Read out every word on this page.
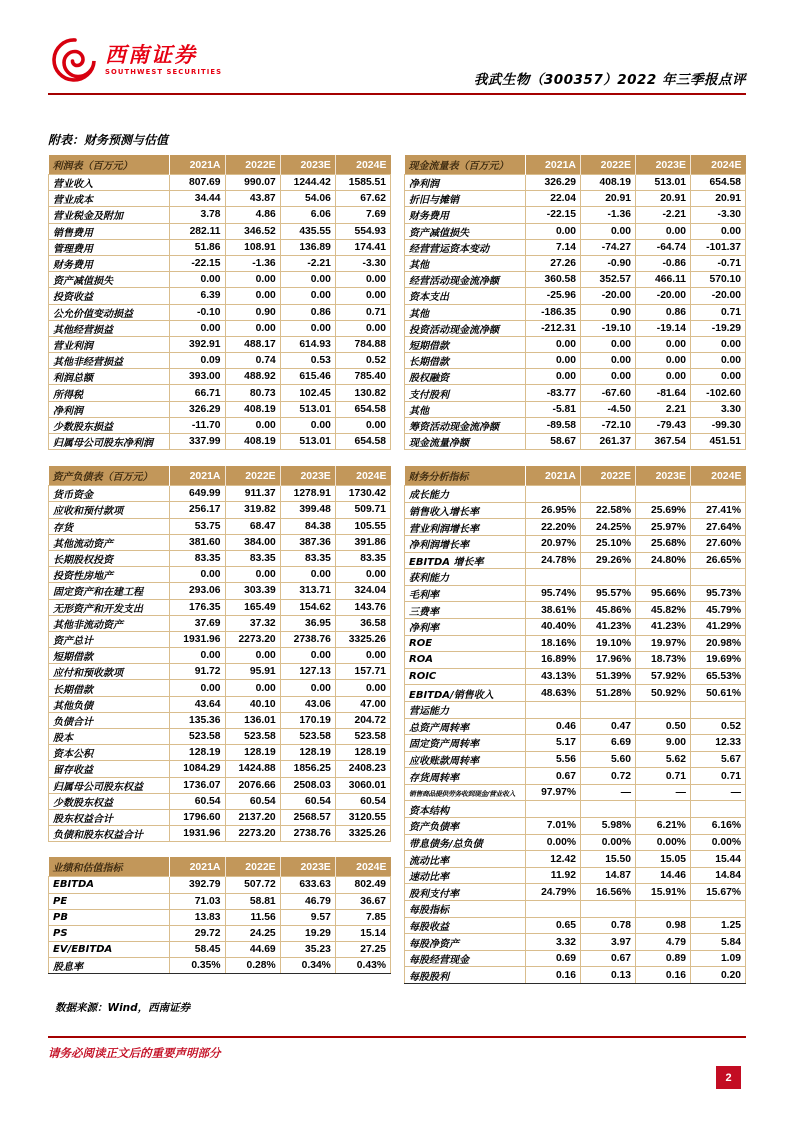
西南证券
SOUTHWEST SECURITIES
我武生物（300357）2022 年三季报点评
附表：财务预测与估值
利润表（百万元）	2021A	2022E	2023E	2024E
营业收入	807.69	990.07	1244.42	1585.51
营业成本	34.44	43.87	54.06	67.62
营业税金及附加	3.78	4.86	6.06	7.69
销售费用	282.11	346.52	435.55	554.93
管理费用	51.86	108.91	136.89	174.41
财务费用	-22.15	-1.36	-2.21	-3.30
资产减值损失	0.00	0.00	0.00	0.00
投资收益	6.39	0.00	0.00	0.00
公允价值变动损益	-0.10	0.90	0.86	0.71
其他经营损益	0.00	0.00	0.00	0.00
营业利润	392.91	488.17	614.93	784.88
其他非经营损益	0.09	0.74	0.53	0.52
利润总额	393.00	488.92	615.46	785.40
所得税	66.71	80.73	102.45	130.82
净利润	326.29	408.19	513.01	654.58
少数股东损益	-11.70	0.00	0.00	0.00
归属母公司股东净利润	337.99	408.19	513.01	654.58
资产负债表（百万元）	2021A	2022E	2023E	2024E
货币资金	649.99	911.37	1278.91	1730.42
应收和预付款项	256.17	319.82	399.48	509.71
存货	53.75	68.47	84.38	105.55
其他流动资产	381.60	384.00	387.36	391.86
长期股权投资	83.35	83.35	83.35	83.35
投资性房地产	0.00	0.00	0.00	0.00
固定资产和在建工程	293.06	303.39	313.71	324.04
无形资产和开发支出	176.35	165.49	154.62	143.76
其他非流动资产	37.69	37.32	36.95	36.58
资产总计	1931.96	2273.20	2738.76	3325.26
短期借款	0.00	0.00	0.00	0.00
应付和预收款项	91.72	95.91	127.13	157.71
长期借款	0.00	0.00	0.00	0.00
其他负债	43.64	40.10	43.06	47.00
负债合计	135.36	136.01	170.19	204.72
股本	523.58	523.58	523.58	523.58
资本公积	128.19	128.19	128.19	128.19
留存收益	1084.29	1424.88	1856.25	2408.23
归属母公司股东权益	1736.07	2076.66	2508.03	3060.01
少数股东权益	60.54	60.54	60.54	60.54
股东权益合计	1796.60	2137.20	2568.57	3120.55
负债和股东权益合计	1931.96	2273.20	2738.76	3325.26
业绩和估值指标	2021A	2022E	2023E	2024E
EBITDA	392.79	507.72	633.63	802.49
PE	71.03	58.81	46.79	36.67
PB	13.83	11.56	9.57	7.85
PS	29.72	24.25	19.29	15.14
EV/EBITDA	58.45	44.69	35.23	27.25
股息率	0.35%	0.28%	0.34%	0.43%
现金流量表（百万元）	2021A	2022E	2023E	2024E
净利润	326.29	408.19	513.01	654.58
折旧与摊销	22.04	20.91	20.91	20.91
财务费用	-22.15	-1.36	-2.21	-3.30
资产减值损失	0.00	0.00	0.00	0.00
经营营运资本变动	7.14	-74.27	-64.74	-101.37
其他	27.26	-0.90	-0.86	-0.71
经营活动现金流净额	360.58	352.57	466.11	570.10
资本支出	-25.96	-20.00	-20.00	-20.00
其他	-186.35	0.90	0.86	0.71
投资活动现金流净额	-212.31	-19.10	-19.14	-19.29
短期借款	0.00	0.00	0.00	0.00
长期借款	0.00	0.00	0.00	0.00
股权融资	0.00	0.00	0.00	0.00
支付股利	-83.77	-67.60	-81.64	-102.60
其他	-5.81	-4.50	2.21	3.30
筹资活动现金流净额	-89.58	-72.10	-79.43	-99.30
现金流量净额	58.67	261.37	367.54	451.51
财务分析指标	2021A	2022E	2023E	2024E
成长能力				
销售收入增长率	26.95%	22.58%	25.69%	27.41%
营业利润增长率	22.20%	24.25%	25.97%	27.64%
净利润增长率	20.97%	25.10%	25.68%	27.60%
EBITDA 增长率	24.78%	29.26%	24.80%	26.65%
获利能力				
毛利率	95.74%	95.57%	95.66%	95.73%
三费率	38.61%	45.86%	45.82%	45.79%
净利率	40.40%	41.23%	41.23%	41.29%
ROE	18.16%	19.10%	19.97%	20.98%
ROA	16.89%	17.96%	18.73%	19.69%
ROIC	43.13%	51.39%	57.92%	65.53%
EBITDA/销售收入	48.63%	51.28%	50.92%	50.61%
营运能力				
总资产周转率	0.46	0.47	0.50	0.52
固定资产周转率	5.17	6.69	9.00	12.33
应收账款周转率	5.56	5.60	5.62	5.67
存货周转率	0.67	0.72	0.71	0.71
销售商品提供劳务收到现金/营业收入	97.97%	—	—	—
资本结构				
资产负债率	7.01%	5.98%	6.21%	6.16%
带息债务/总负债	0.00%	0.00%	0.00%	0.00%
流动比率	12.42	15.50	15.05	15.44
速动比率	11.92	14.87	14.46	14.84
股利支付率	24.79%	16.56%	15.91%	15.67%
每股指标				
每股收益	0.65	0.78	0.98	1.25
每股净资产	3.32	3.97	4.79	5.84
每股经营现金	0.69	0.67	0.89	1.09
每股股利	0.16	0.13	0.16	0.20
数据来源：Wind，西南证券
请务必阅读正文后的重要声明部分
2
